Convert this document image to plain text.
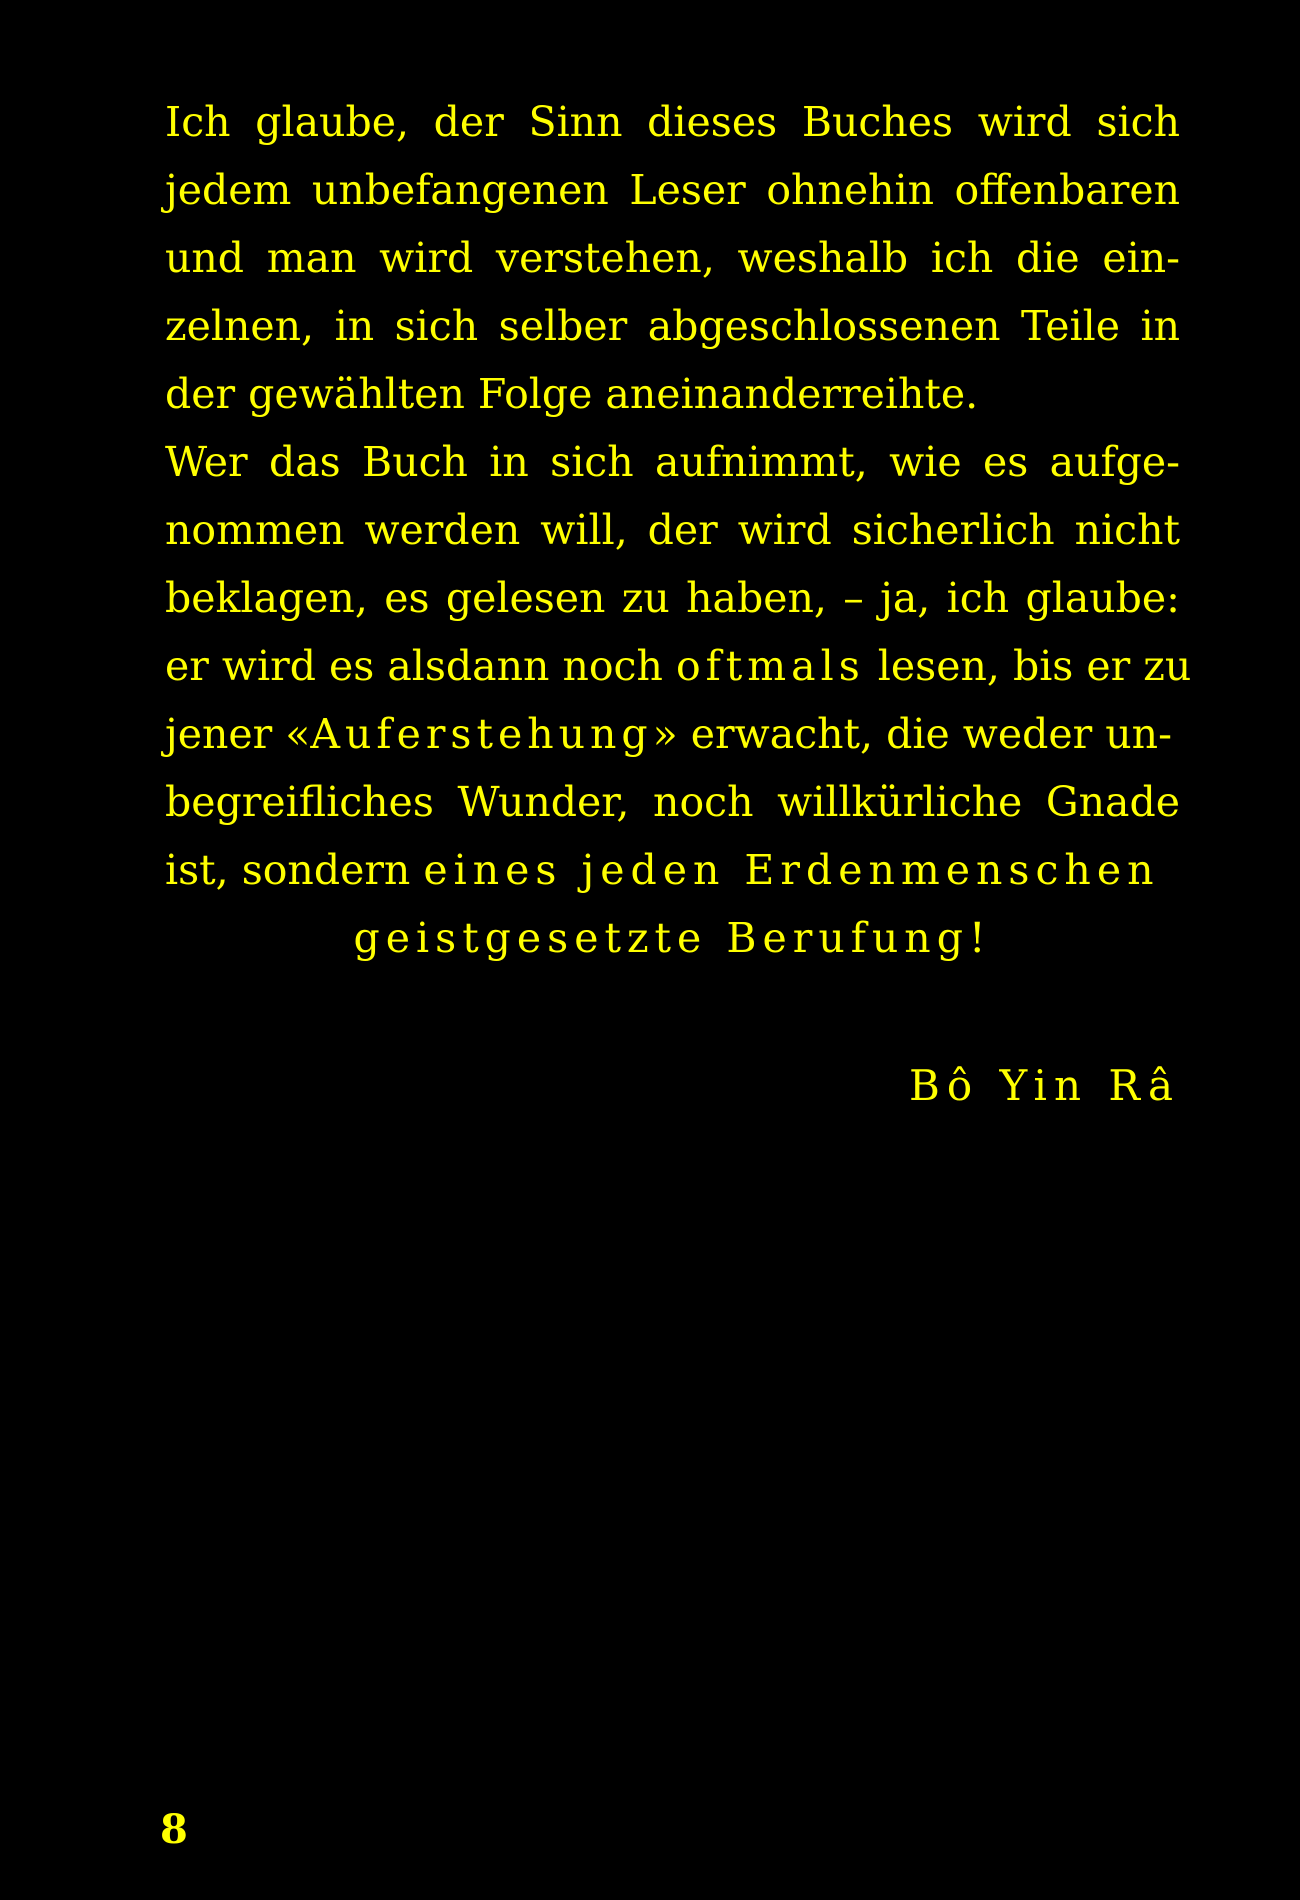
Ich glaube, der Sinn dieses Buches wird sich
jedem unbefangenen Leser ohnehin offenbaren
und man wird verstehen, weshalb ich die ein-
zelnen, in sich selber abgeschlossenen Teile in
der gewählten Folge aneinanderreihte.
Wer das Buch in sich aufnimmt, wie es aufge-
nommen werden will, der wird sicherlich nicht
beklagen, es gelesen zu haben, – ja, ich glaube:
er wird es alsdann noch oftmals lesen, bis er zu
jener «Auferstehung» erwacht, die weder un-
begreifliches Wunder, noch willkürliche Gnade
ist, sondern eines jeden Erdenmenschen
geistgesetzte Berufung!
Bô Yin Râ
8
